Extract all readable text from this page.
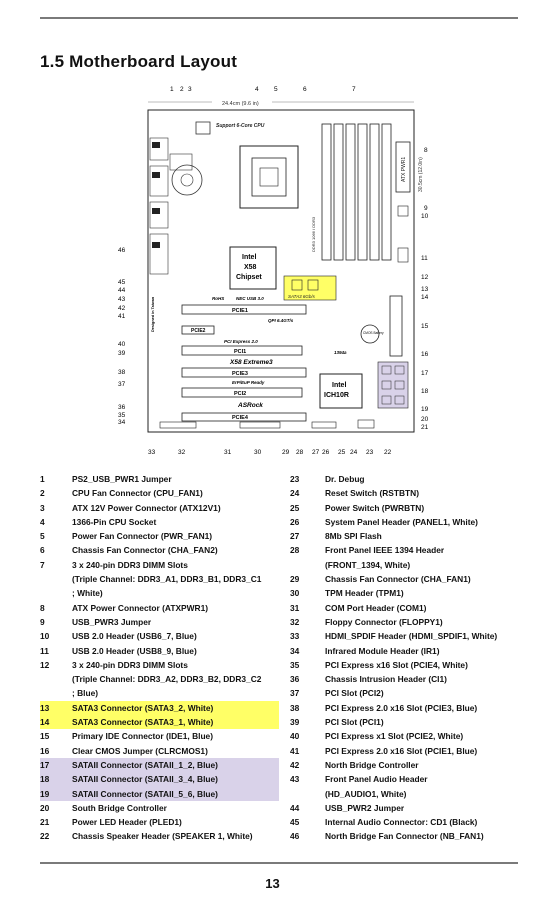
1.5 Motherboard Layout
24.4cm (9.6 in)
30.5cm (12.0in)
1 2 3	4 5	6	7
Support 6-Core CPU
DDR3 1066 / DDR3
ATX PWR1
Intel
X58
Chipset
SATA3 6Gb/s
RoHS	NEC USB 3.0
PCIE1
QPI 6.4GT/s
Designed in Taiwan	PCIE2
PCI Express 2.0
PCI1
X58 Extreme3
PCIE3
ErP/EuP Ready
PCI2
ASRock
PCIE4
Intel
ICH10R
1394a
CMOS Battery
8
9
10
11
12
13
14
15
16
17
18
19
20
21
46
45
44
43
42
41
40
39
38
37
36
35
34
33	32	31	30	29 28 27 26 25 24 23 22
1	PS2_USB_PWR1 Jumper
2	CPU Fan Connector (CPU_FAN1)
3	ATX 12V Power Connector (ATX12V1)
4	1366-Pin CPU Socket
5	Power Fan Connector (PWR_FAN1)
6	Chassis Fan Connector (CHA_FAN2)
7	3 x 240-pin DDR3 DIMM Slots
(Triple Channel: DDR3_A1, DDR3_B1, DDR3_C1
; White)
8	ATX Power Connector (ATXPWR1)
9	USB_PWR3 Jumper
10	USB 2.0 Header (USB6_7, Blue)
11	USB 2.0 Header (USB8_9, Blue)
12	3 x 240-pin DDR3 DIMM Slots
(Triple Channel: DDR3_A2, DDR3_B2, DDR3_C2
; Blue)
13	SATA3 Connector (SATA3_2, White)
14	SATA3 Connector (SATA3_1, White)
15	Primary IDE Connector (IDE1, Blue)
16	Clear CMOS Jumper (CLRCMOS1)
17	SATAII Connector (SATAII_1_2, Blue)
18	SATAII Connector (SATAII_3_4, Blue)
19	SATAII Connector (SATAII_5_6, Blue)
20	South Bridge Controller
21	Power LED Header (PLED1)
22	Chassis Speaker Header (SPEAKER 1, White)
23	Dr. Debug
24	Reset Switch (RSTBTN)
25	Power Switch (PWRBTN)
26	System Panel Header (PANEL1, White)
27	8Mb SPI Flash
28	Front Panel IEEE 1394 Header
(FRONT_1394, White)
29	Chassis Fan Connector (CHA_FAN1)
30	TPM Header (TPM1)
31	COM Port Header (COM1)
32	Floppy Connector (FLOPPY1)
33	HDMI_SPDIF Header (HDMI_SPDIF1, White)
34	Infrared Module Header (IR1)
35	PCI Express x16 Slot (PCIE4, White)
36	Chassis Intrusion Header (CI1)
37	PCI Slot (PCI2)
38	PCI Express 2.0 x16 Slot (PCIE3, Blue)
39	PCI Slot (PCI1)
40	PCI Express x1 Slot (PCIE2, White)
41	PCI Express 2.0 x16 Slot (PCIE1, Blue)
42	North Bridge Controller
43	Front Panel Audio Header
(HD_AUDIO1, White)
44	USB_PWR2 Jumper
45	Internal Audio Connector: CD1 (Black)
46	North Bridge Fan Connector (NB_FAN1)
13
